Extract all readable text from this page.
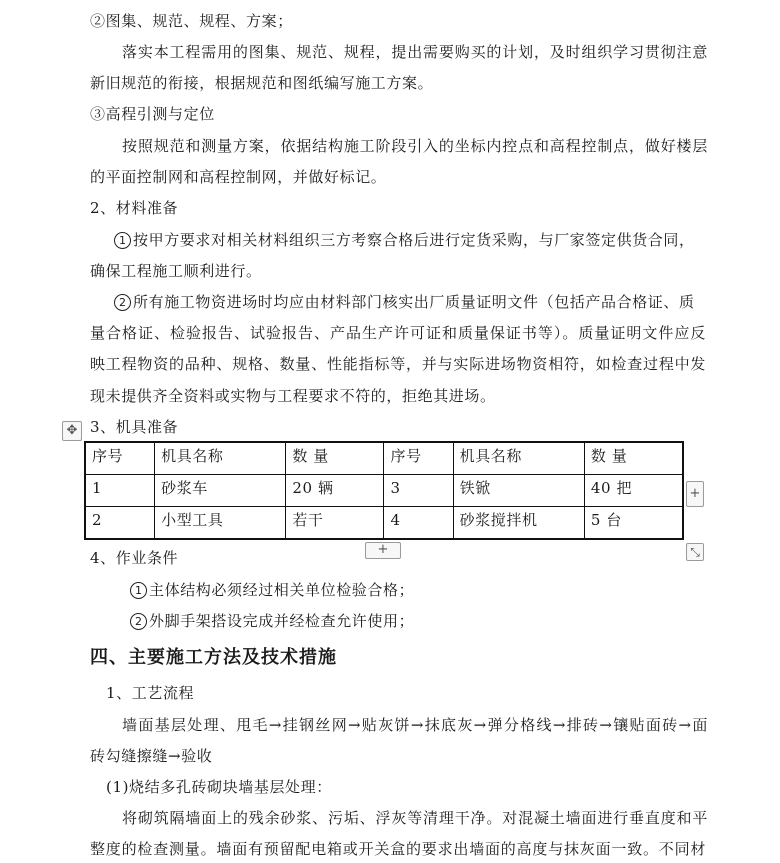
②图集、规范、规程、方案；
落实本工程需用的图集、规范、规程，提出需要购买的计划，及时组织学习贯彻注意
新旧规范的衔接，根据规范和图纸编写施工方案。
③高程引测与定位
按照规范和测量方案，依据结构施工阶段引入的坐标内控点和高程控制点，做好楼层
的平面控制网和高程控制网，并做好标记。
2、材料准备
1 按甲方要求对相关材料组织三方考察合格后进行定货采购，与厂家签定供货合同，
确保工程施工顺利进行。
2 所有施工物资进场时均应由材料部门核实出厂质量证明文件（包括产品合格证、质
量合格证、检验报告、试验报告、产品生产许可证和质量保证书等）。质量证明文件应反
映工程物资的品种、规格、数量、性能指标等，并与实际进场物资相符，如检查过程中发
现未提供齐全资料或实物与工程要求不符的，拒绝其进场。
3、机具准备
✥
序号	机具名称	数 量	序号	机具名称	数 量
1	砂浆车	20 辆	3	铁锨	40 把
2	小型工具	若干	4	砂浆搅拌机	5 台
+
+	⤡
4、作业条件
1 主体结构必须经过相关单位检验合格；
2 外脚手架搭设完成并经检查允许使用；
四、主要施工方法及技术措施
1、工艺流程
墙面基层处理、甩毛→挂钢丝网→贴灰饼→抹底灰→弹分格线→排砖→镶贴面砖→面
砖勾缝擦缝→验收
(1)烧结多孔砖砌块墙基层处理：
将砌筑隔墙面上的残余砂浆、污垢、浮灰等清理干净。对混凝土墙面进行垂直度和平
整度的检查测量。墙面有预留配电箱或开关盒的要求出墙面的高度与抹灰面一致。不同材
